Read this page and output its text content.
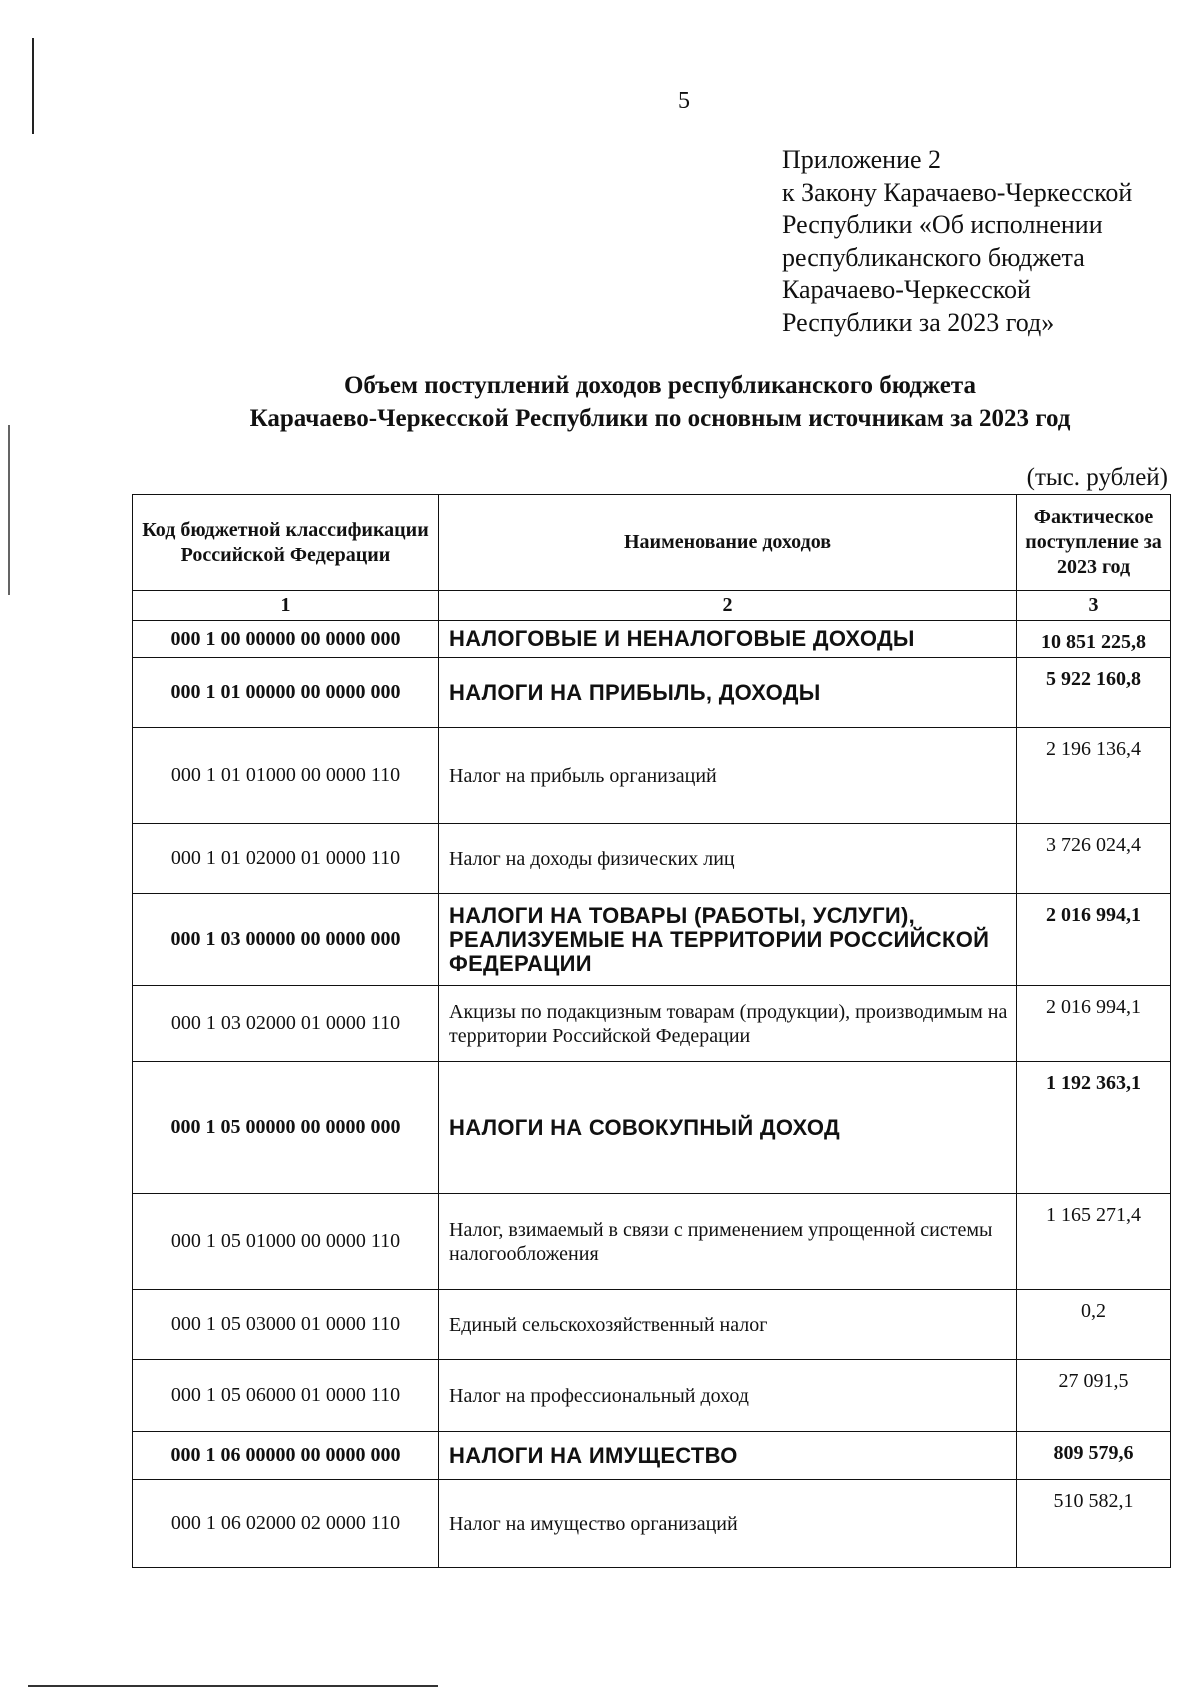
5
Приложение 2
к Закону Карачаево-Черкесской
Республики «Об исполнении
республиканского бюджета
Карачаево-Черкесской
Республики за 2023 год»
Объем поступлений доходов республиканского бюджета
Карачаево-Черкесской Республики по основным источникам за 2023 год
(тыс. рублей)
Код бюджетной классификации Российской Федерации	Наименование доходов	Фактическое поступление за 2023 год
1	2	3
000 1 00 00000 00 0000 000	НАЛОГОВЫЕ И НЕНАЛОГОВЫЕ ДОХОДЫ	10 851 225,8
000 1 01 00000 00 0000 000	НАЛОГИ НА ПРИБЫЛЬ, ДОХОДЫ	5 922 160,8
000 1 01 01000 00 0000 110	Налог на прибыль организаций	2 196 136,4
000 1 01 02000 01 0000 110	Налог на доходы физических лиц	3 726 024,4
000 1 03 00000 00 0000 000	НАЛОГИ НА ТОВАРЫ (РАБОТЫ, УСЛУГИ), РЕАЛИЗУЕМЫЕ НА ТЕРРИТОРИИ РОССИЙСКОЙ ФЕДЕРАЦИИ	2 016 994,1
000 1 03 02000 01 0000 110	Акцизы по подакцизным товарам (продукции), производимым на территории Российской Федерации	2 016 994,1
000 1 05 00000 00 0000 000	НАЛОГИ НА СОВОКУПНЫЙ ДОХОД	1 192 363,1
000 1 05 01000 00 0000 110	Налог, взимаемый в связи с применением упрощенной системы налогообложения	1 165 271,4
000 1 05 03000 01 0000 110	Единый сельскохозяйственный налог	0,2
000 1 05 06000 01 0000 110	Налог на профессиональный доход	27 091,5
000 1 06 00000 00 0000 000	НАЛОГИ НА ИМУЩЕСТВО	809 579,6
000 1 06 02000 02 0000 110	Налог на имущество организаций	510 582,1
